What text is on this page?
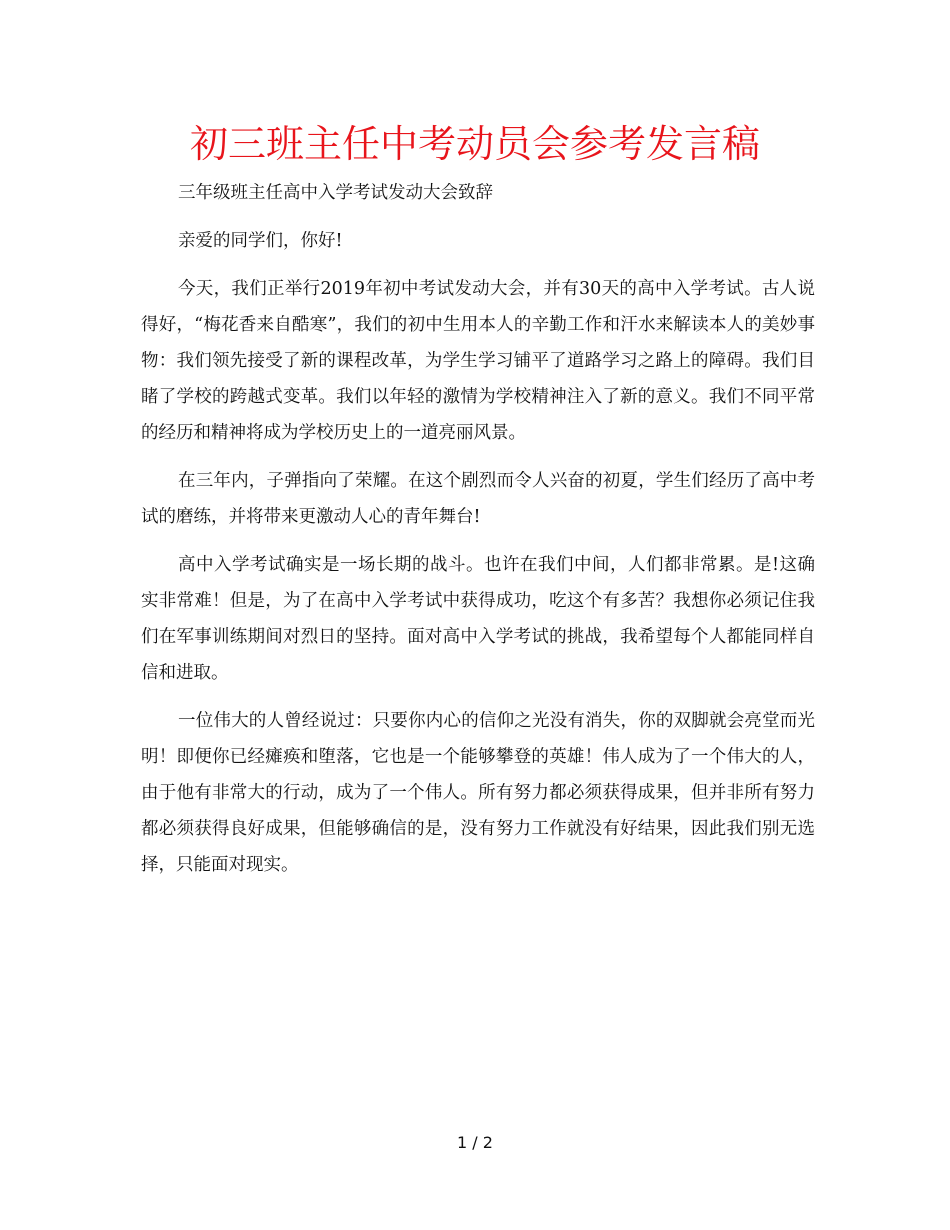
初三班主任中考动员会参考发言稿

三年级班主任高中入学考试发动大会致辞

亲爱的同学们，你好!

今天，我们正举行2019年初中考试发动大会，并有30天的高中入学考试。古人说得好，“梅花香来自酷寒”，我们的初中生用本人的辛勤工作和汗水来解读本人的美妙事物：我们领先接受了新的课程改革，为学生学习铺平了道路学习之路上的障碍。我们目睹了学校的跨越式变革。我们以年轻的激情为学校精神注入了新的意义。我们不同平常的经历和精神将成为学校历史上的一道亮丽风景。

在三年内，子弹指向了荣耀。在这个剧烈而令人兴奋的初夏，学生们经历了高中考试的磨练，并将带来更激动人心的青年舞台!

高中入学考试确实是一场长期的战斗。也许在我们中间，人们都非常累。是!这确实非常难！但是，为了在高中入学考试中获得成功，吃这个有多苦？我想你必须记住我们在军事训练期间对烈日的坚持。面对高中入学考试的挑战，我希望每个人都能同样自信和进取。

一位伟大的人曾经说过：只要你内心的信仰之光没有消失，你的双脚就会亮堂而光明！即便你已经瘫痪和堕落，它也是一个能够攀登的英雄！伟人成为了一个伟大的人，由于他有非常大的行动，成为了一个伟人。所有努力都必须获得成果，但并非所有努力都必须获得良好成果，但能够确信的是，没有努力工作就没有好结果，因此我们别无选择，只能面对现实。

1 / 2
